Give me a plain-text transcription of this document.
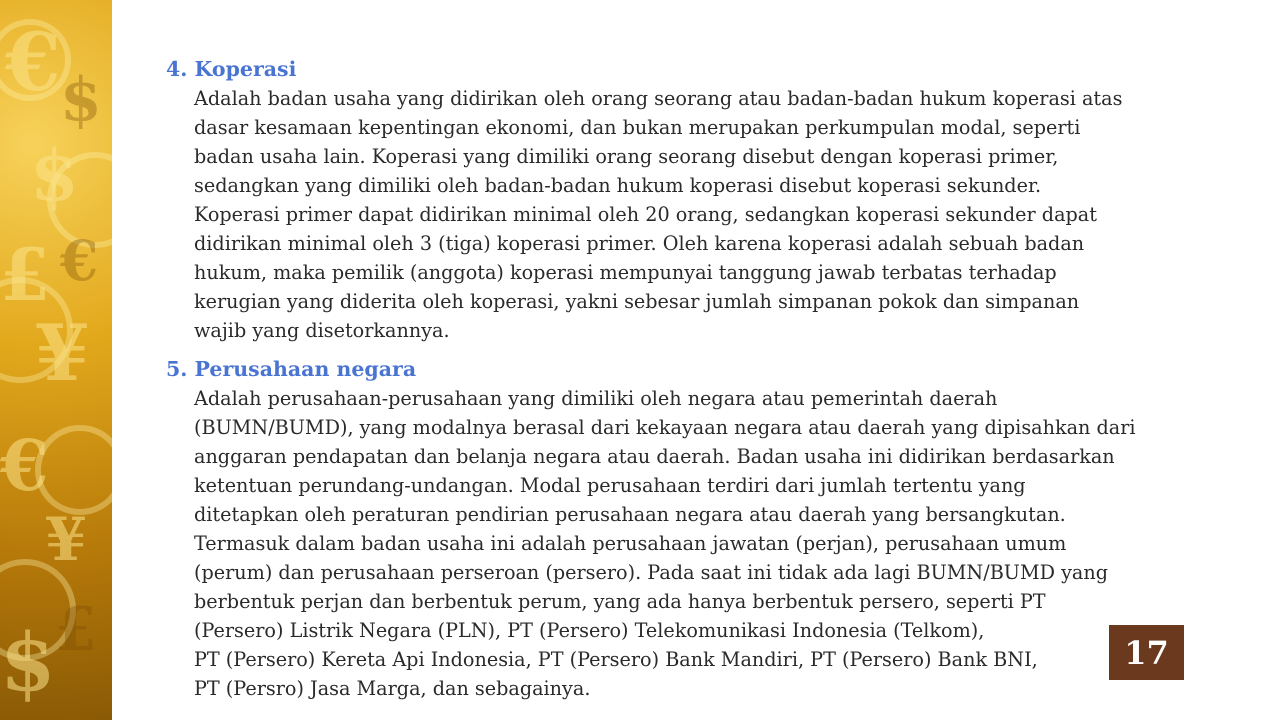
€
$
£
¥
€
¥
$
$
€
£
4. Koperasi

Adalah badan usaha yang didirikan oleh orang seorang atau badan-badan hukum koperasi atas
dasar kesamaan kepentingan ekonomi, dan bukan merupakan perkumpulan modal, seperti
badan usaha lain. Koperasi yang dimiliki orang seorang disebut dengan koperasi primer,
sedangkan yang dimiliki oleh badan-badan hukum koperasi disebut koperasi sekunder.
Koperasi primer dapat didirikan minimal oleh 20 orang, sedangkan koperasi sekunder dapat
didirikan minimal oleh 3 (tiga) koperasi primer. Oleh karena koperasi adalah sebuah badan
hukum, maka pemilik (anggota) koperasi mempunyai tanggung jawab terbatas terhadap
kerugian yang diderita oleh koperasi, yakni sebesar jumlah simpanan pokok dan simpanan
wajib yang disetorkannya.

5. Perusahaan negara

Adalah perusahaan-perusahaan yang dimiliki oleh negara atau pemerintah daerah
(BUMN/BUMD), yang modalnya berasal dari kekayaan negara atau daerah yang dipisahkan dari
anggaran pendapatan dan belanja negara atau daerah. Badan usaha ini didirikan berdasarkan
ketentuan perundang-undangan. Modal perusahaan terdiri dari jumlah tertentu yang
ditetapkan oleh peraturan pendirian perusahaan negara atau daerah yang bersangkutan.
Termasuk dalam badan usaha ini adalah perusahaan jawatan (perjan), perusahaan umum
(perum) dan perusahaan perseroan (persero). Pada saat ini tidak ada lagi BUMN/BUMD yang
berbentuk perjan dan berbentuk perum, yang ada hanya berbentuk persero, seperti PT
(Persero) Listrik Negara (PLN), PT (Persero) Telekomunikasi Indonesia (Telkom),
PT (Persero) Kereta Api Indonesia, PT (Persero) Bank Mandiri, PT (Persero) Bank BNI,
PT (Persro) Jasa Marga, dan sebagainya.

17
